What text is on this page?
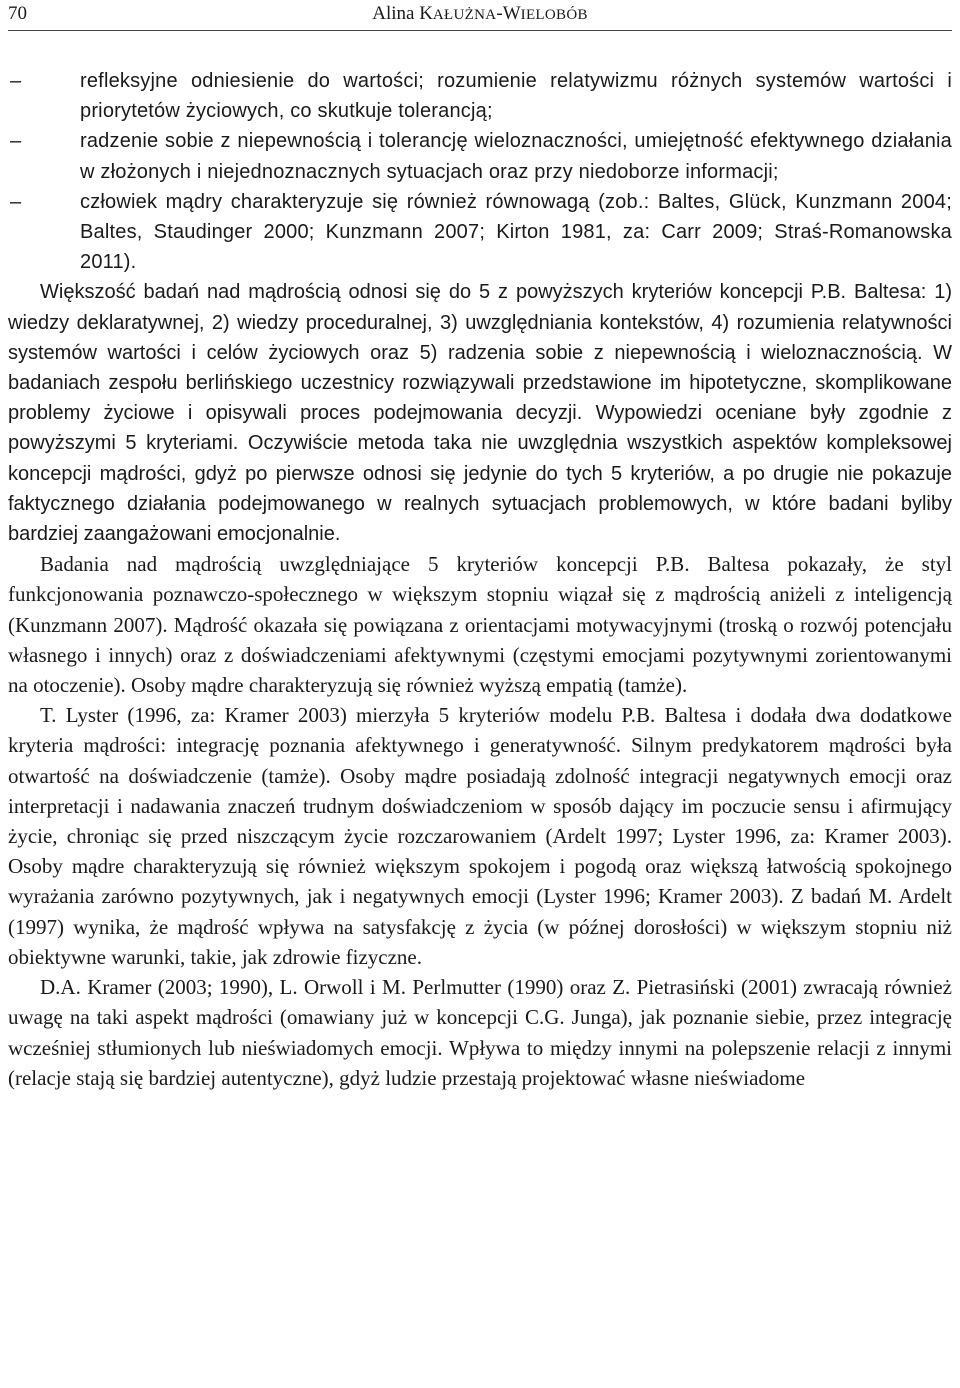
70	Alina KAŁUŻNA-WIELOBÓB
–	refleksyjne odniesienie do wartości; rozumienie relatywizmu różnych systemów wartości i priorytetów życiowych, co skutkuje tolerancją;
–	radzenie sobie z niepewnością i tolerancję wieloznaczności, umiejętność efektywnego działania w złożonych i niejednoznacznych sytuacjach oraz przy niedoborze informacji;
–	człowiek mądry charakteryzuje się również równowagą (zob.: Baltes, Glück, Kunzmann 2004; Baltes, Staudinger 2000; Kunzmann 2007; Kirton 1981, za: Carr 2009; Straś-Romanowska 2011).

Większość badań nad mądrością odnosi się do 5 z powyższych kryteriów koncepcji P.B. Baltesa: 1) wiedzy deklaratywnej, 2) wiedzy proceduralnej, 3) uwzględniania kontekstów, 4) rozumienia relatywności systemów wartości i celów życiowych oraz 5) radzenia sobie z niepewnością i wieloznacznością. W badaniach zespołu berlińskiego uczestnicy rozwiązywali przedstawione im hipotetyczne, skomplikowane problemy życiowe i opisywali proces podejmowania decyzji. Wypowiedzi oceniane były zgodnie z powyższymi 5 kryteriami. Oczywiście metoda taka nie uwzględnia wszystkich aspektów kompleksowej koncepcji mądrości, gdyż po pierwsze odnosi się jedynie do tych 5 kryteriów, a po drugie nie pokazuje faktycznego działania podejmowanego w realnych sytuacjach problemowych, w które badani byliby bardziej zaangażowani emocjonalnie.

Badania nad mądrością uwzględniające 5 kryteriów koncepcji P.B. Baltesa pokazały, że styl funkcjonowania poznawczo-społecznego w większym stopniu wiązał się z mądrością aniżeli z inteligencją (Kunzmann 2007). Mądrość okazała się powiązana z orientacjami motywacyjnymi (troską o rozwój potencjału własnego i innych) oraz z doświadczeniami afektywnymi (częstymi emocjami pozytywnymi zorientowanymi na otoczenie). Osoby mądre charakteryzują się również wyższą empatią (tamże).

T. Lyster (1996, za: Kramer 2003) mierzyła 5 kryteriów modelu P.B. Baltesa i dodała dwa dodatkowe kryteria mądrości: integrację poznania afektywnego i generatywność. Silnym predykatorem mądrości była otwartość na doświadczenie (tamże). Osoby mądre posiadają zdolność integracji negatywnych emocji oraz interpretacji i nadawania znaczeń trudnym doświadczeniom w sposób dający im poczucie sensu i afirmujący życie, chroniąc się przed niszczącym życie rozczarowaniem (Ardelt 1997; Lyster 1996, za: Kramer 2003). Osoby mądre charakteryzują się również większym spokojem i pogodą oraz większą łatwością spokojnego wyrażania zarówno pozytywnych, jak i negatywnych emocji (Lyster 1996; Kramer 2003). Z badań M. Ardelt (1997) wynika, że mądrość wpływa na satysfakcję z życia (w późnej dorosłości) w większym stopniu niż obiektywne warunki, takie, jak zdrowie fizyczne.

D.A. Kramer (2003; 1990), L. Orwoll i M. Perlmutter (1990) oraz Z. Pietrasiński (2001) zwracają również uwagę na taki aspekt mądrości (omawiany już w koncepcji C.G. Junga), jak poznanie siebie, przez integrację wcześniej stłumionych lub nieświadomych emocji. Wpływa to między innymi na polepszenie relacji z innymi (relacje stają się bardziej autentyczne), gdyż ludzie przestają projektować własne nieświadome
